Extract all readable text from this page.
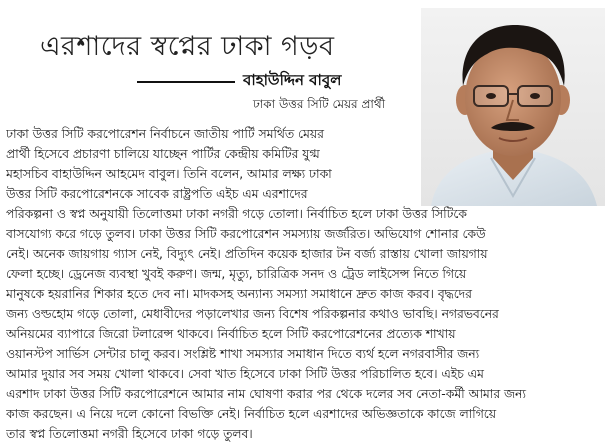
এরশাদের স্বপ্নের ঢাকা গড়ব
বাহাউদ্দিন বাবুল
ঢাকা উত্তর সিটি মেয়র প্রার্থী
ঢাকা উত্তর সিটি করপোরেশন নির্বাচনে জাতীয় পার্টি সমর্থিত মেয়র
প্রার্থী হিসেবে প্রচারণা চালিয়ে যাচ্ছেন পার্টির কেন্দ্রীয় কমিটির যুগ্ম
মহাসচিব বাহাউদ্দিন আহমেদ বাবুল। তিনি বলেন, আমার লক্ষ্য ঢাকা
উত্তর সিটি করপোরেশনকে সাবেক রাষ্ট্রপতি এইচ এম এরশাদের
পরিকল্পনা ও স্বপ্ন অনুযায়ী তিলোত্তমা ঢাকা নগরী গড়ে তোলা। নির্বাচিত হলে ঢাকা উত্তর সিটিকে
বাসযোগ্য করে গড়ে তুলব। ঢাকা উত্তর সিটি করপোরেশন সমস্যায় জর্জরিত। অভিযোগ শোনার কেউ
নেই। অনেক জায়গায় গ্যাস নেই, বিদ্যুৎ নেই। প্রতিদিন কয়েক হাজার টন বর্জ্য রাস্তায় খোলা জায়গায়
ফেলা হচ্ছে। ড্রেনেজ ব্যবস্থা খুবই করুণ। জন্ম, মৃত্যু, চারিত্রিক সনদ ও ট্রেড লাইসেন্স নিতে গিয়ে
মানুষকে হয়রানির শিকার হতে দেব না। মাদকসহ অন্যান্য সমস্যা সমাধানে দ্রুত কাজ করব। বৃদ্ধদের
জন্য ওল্ডহোম গড়ে তোলা, মেধাবীদের পড়ালেখার জন্য বিশেষ পরিকল্পনার কথাও ভাবছি। নগরভবনের
অনিয়মের ব্যাপারে জিরো টলারেন্স থাকবে। নির্বাচিত হলে সিটি করপোরেশনের প্রত্যেক শাখায়
ওয়ানস্টপ সার্ভিস সেন্টার চালু করব। সংশ্লিষ্ট শাখা সমস্যার সমাধান দিতে ব্যর্থ হলে নগরবাসীর জন্য
আমার দুয়ার সব সময় খোলা থাকবে। সেবা খাত হিসেবে ঢাকা সিটি উত্তর পরিচালিত হবে। এইচ এম
এরশাদ ঢাকা উত্তর সিটি করপোরেশনে আমার নাম ঘোষণা করার পর থেকে দলের সব নেতা-কর্মী আমার জন্য
কাজ করছেন। এ নিয়ে দলে কোনো বিভক্তি নেই। নির্বাচিত হলে এরশাদের অভিজ্ঞতাকে কাজে লাগিয়ে
তার স্বপ্ন তিলোত্তমা নগরী হিসেবে ঢাকা গড়ে তুলব।
